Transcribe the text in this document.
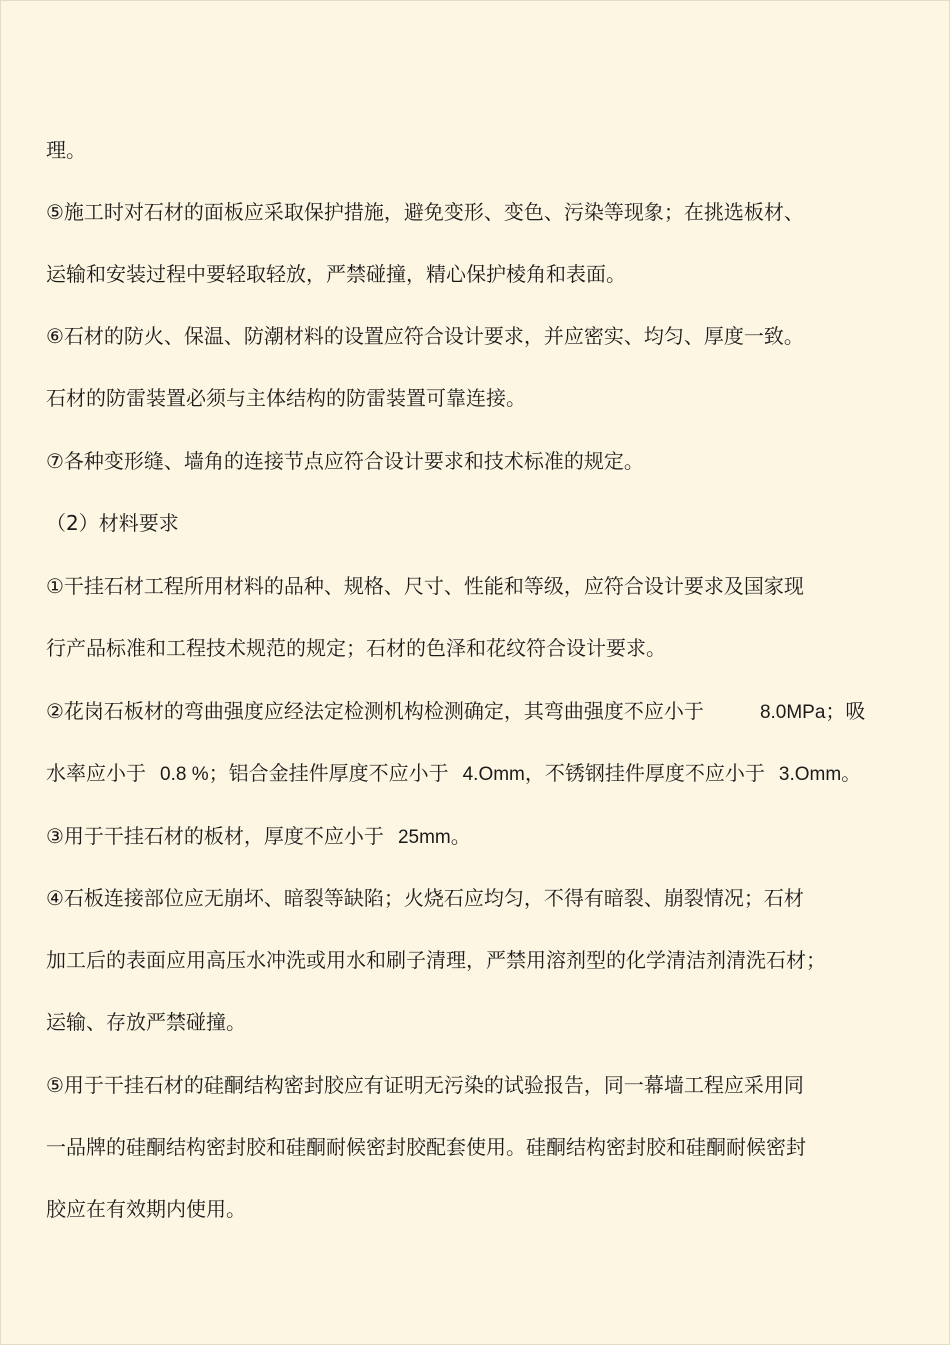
理。
⑤施工时对石材的面板应采取保护措施，避免变形、变色、污染等现象；在挑选板材、
运输和安装过程中要轻取轻放，严禁碰撞，精心保护棱角和表面。
⑥石材的防火、保温、防潮材料的设置应符合设计要求，并应密实、均匀、厚度一致。
石材的防雷装置必须与主体结构的防雷装置可靠连接。
⑦各种变形缝、墙角的连接节点应符合设计要求和技术标准的规定。
（2）材料要求
①干挂石材工程所用材料的品种、规格、尺寸、性能和等级，应符合设计要求及国家现
行产品标准和工程技术规范的规定；石材的色泽和花纹符合设计要求。
②花岗石板材的弯曲强度应经法定检测机构检测确定，其弯曲强度不应小于	8.0MPa；吸
水率应小于 0.8 %；铝合金挂件厚度不应小于 4.Omm，不锈钢挂件厚度不应小于 3.Omm。
③用于干挂石材的板材，厚度不应小于 25mm。
④石板连接部位应无崩坏、暗裂等缺陷；火烧石应均匀，不得有暗裂、崩裂情况；石材
加工后的表面应用高压水冲洗或用水和刷子清理，严禁用溶剂型的化学清洁剂清洗石材；
运输、存放严禁碰撞。
⑤用于干挂石材的硅酮结构密封胶应有证明无污染的试验报告，同一幕墙工程应采用同
一品牌的硅酮结构密封胶和硅酮耐候密封胶配套使用。硅酮结构密封胶和硅酮耐候密封
胶应在有效期内使用。
